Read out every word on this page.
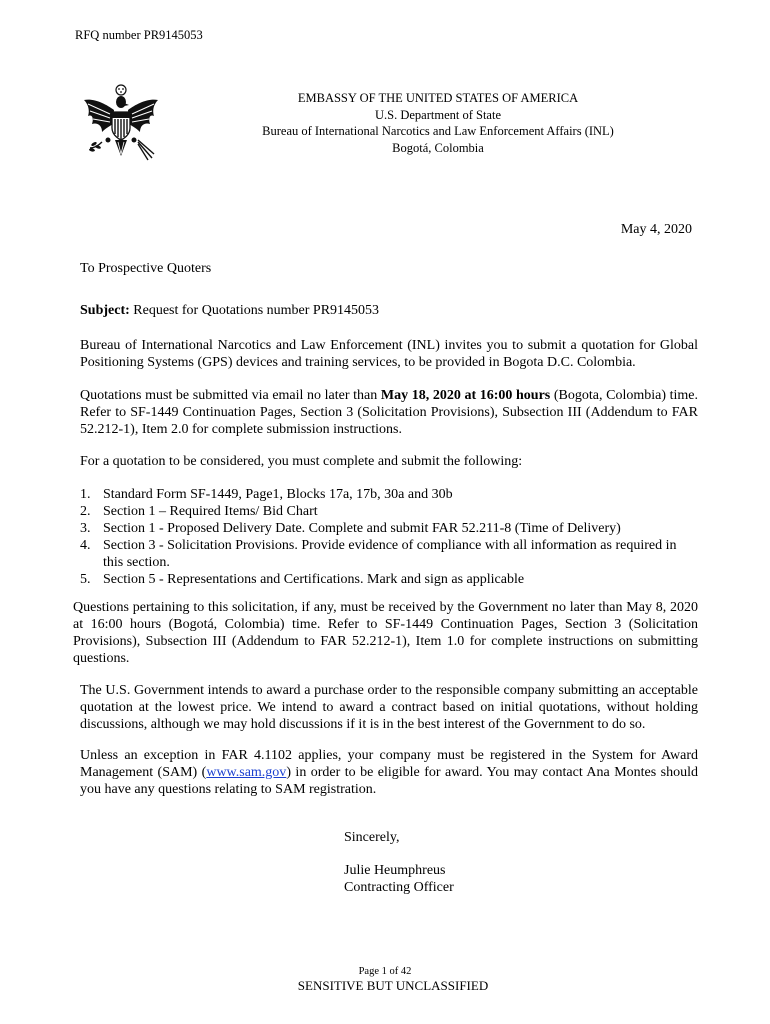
RFQ number PR9145053
EMBASSY OF THE UNITED STATES OF AMERICA
U.S. Department of State
Bureau of International Narcotics and Law Enforcement Affairs (INL)
Bogotá, Colombia
May 4, 2020
To Prospective Quoters
Subject: Request for Quotations number PR9145053

Bureau of International Narcotics and Law Enforcement (INL) invites you to submit a quotation for Global Positioning Systems (GPS) devices and training services, to be provided in Bogota D.C. Colombia.

Quotations must be submitted via email no later than May 18, 2020 at 16:00 hours (Bogota, Colombia) time. Refer to SF-1449 Continuation Pages, Section 3 (Solicitation Provisions), Subsection III (Addendum to FAR 52.212-1), Item 2.0 for complete submission instructions.

For a quotation to be considered, you must complete and submit the following:

1. Standard Form SF-1449, Page1, Blocks 17a, 17b, 30a and 30b
2. Section 1 – Required Items/ Bid Chart
3. Section 1 - Proposed Delivery Date. Complete and submit FAR 52.211-8 (Time of Delivery)
4. Section 3 - Solicitation Provisions. Provide evidence of compliance with all information as required in this section.
5. Section 5 - Representations and Certifications. Mark and sign as applicable

Questions pertaining to this solicitation, if any, must be received by the Government no later than May 8, 2020 at 16:00 hours (Bogotá, Colombia) time. Refer to SF-1449 Continuation Pages, Section 3 (Solicitation Provisions), Subsection III (Addendum to FAR 52.212-1), Item 1.0 for complete instructions on submitting questions.

The U.S. Government intends to award a purchase order to the responsible company submitting an acceptable quotation at the lowest price. We intend to award a contract based on initial quotations, without holding discussions, although we may hold discussions if it is in the best interest of the Government to do so.

Unless an exception in FAR 4.1102 applies, your company must be registered in the System for Award Management (SAM) (www.sam.gov) in order to be eligible for award. You may contact Ana Montes should you have any questions relating to SAM registration.

Sincerely,
Julie Heumphreus
Contracting Officer
Page 1 of 42
SENSITIVE BUT UNCLASSIFIED
